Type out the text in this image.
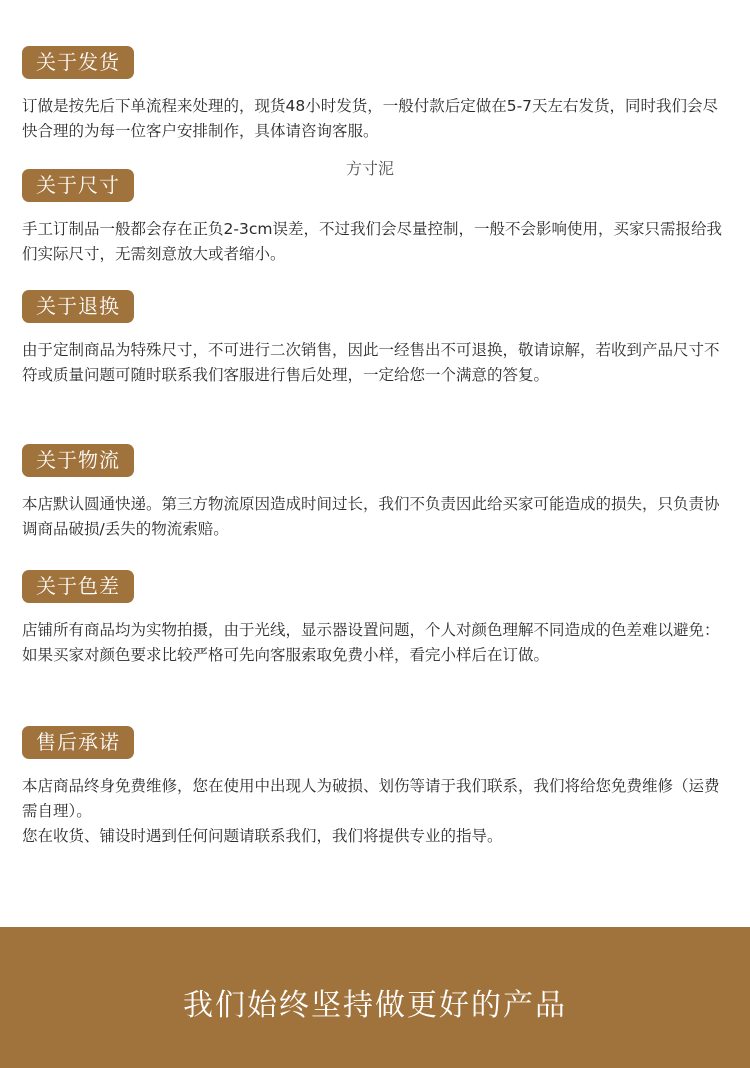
关于发货

订做是按先后下单流程来处理的，现货48小时发货，一般付款后定做在5-7天左右发货，同时我们会尽快合理的为每一位客户安排制作，具体请咨询客服。

方寸泥
关于尺寸

手工订制品一般都会存在正负2-3cm误差，不过我们会尽量控制，一般不会影响使用，买家只需报给我们实际尺寸，无需刻意放大或者缩小。

关于退换

由于定制商品为特殊尺寸，不可进行二次销售，因此一经售出不可退换，敬请谅解，若收到产品尺寸不符或质量问题可随时联系我们客服进行售后处理，一定给您一个满意的答复。

关于物流

本店默认圆通快递。第三方物流原因造成时间过长，我们不负责因此给买家可能造成的损失，只负责协调商品破损/丢失的物流索赔。

关于色差

店铺所有商品均为实物拍摄，由于光线，显示器设置问题，个人对颜色理解不同造成的色差难以避免：如果买家对颜色要求比较严格可先向客服索取免费小样，看完小样后在订做。

售后承诺

本店商品终身免费维修，您在使用中出现人为破损、划伤等请于我们联系，我们将给您免费维修（运费需自理）。

您在收货、铺设时遇到任何问题请联系我们，我们将提供专业的指导。

我们始终坚持做更好的产品
